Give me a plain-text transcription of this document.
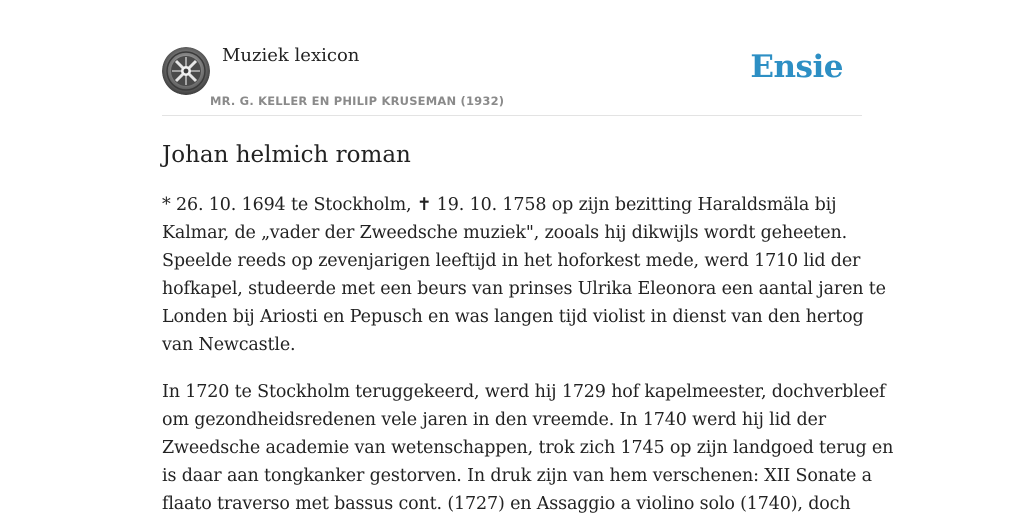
Muziek lexicon
MR. G. KELLER EN PHILIP KRUSEMAN (1932)
Ensie
Johan helmich roman

* 26. 10. 1694 te Stockholm, ✝ 19. 10. 1758 op zijn bezitting Haraldsmäla bij
Kalmar, de „vader der Zweedsche muziek", zooals hij dikwijls wordt geheeten.
Speelde reeds op zevenjarigen leeftijd in het hoforkest mede, werd 1710 lid der
hofkapel, studeerde met een beurs van prinses Ulrika Eleonora een aantal jaren te
Londen bij Ariosti en Pepusch en was langen tijd violist in dienst van den hertog
van Newcastle.

In 1720 te Stockholm teruggekeerd, werd hij 1729 hof kapelmeester, dochverbleef
om gezondheidsredenen vele jaren in den vreemde. In 1740 werd hij lid der
Zweedsche academie van wetenschappen, trok zich 1745 op zijn landgoed terug en
is daar aan tongkanker gestorven. In druk zijn van hem verschenen: XII Sonate a
flaato traverso met bassus cont. (1727) en Assaggio a violino solo (1740), doch
